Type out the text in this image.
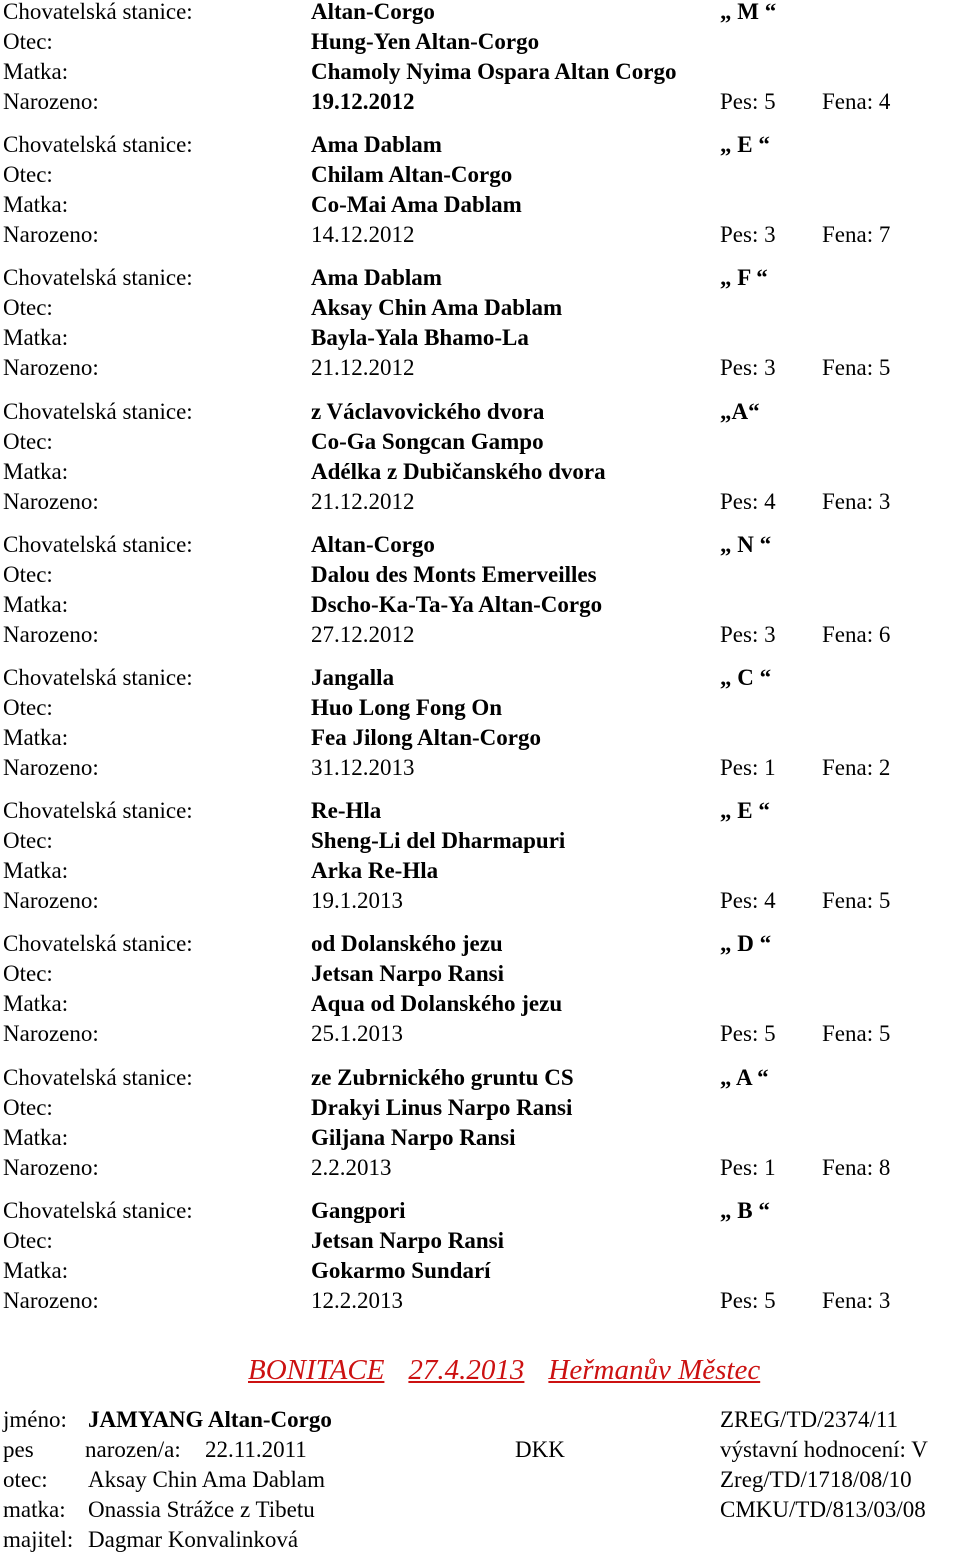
Chovatelská stanice:	Altan-Corgo	„ M “
Otec:	Hung-Yen Altan-Corgo
Matka:	Chamoly Nyima Ospara Altan Corgo
Narozeno:	19.12.2012	Pes: 5 Fena: 4
Chovatelská stanice:	Ama Dablam	„ E “
Otec:	Chilam Altan-Corgo
Matka:	Co-Mai Ama Dablam
Narozeno:	14.12.2012	Pes: 3 Fena: 7
Chovatelská stanice:	Ama Dablam	„ F “
Otec:	Aksay Chin Ama Dablam
Matka:	Bayla-Yala Bhamo-La
Narozeno:	21.12.2012	Pes: 3 Fena: 5
Chovatelská stanice:	z Václavovického dvora	„A“
Otec:	Co-Ga Songcan Gampo
Matka:	Adélka z Dubičanského dvora
Narozeno:	21.12.2012	Pes: 4 Fena: 3
Chovatelská stanice:	Altan-Corgo	„ N “
Otec:	Dalou des Monts Emerveilles
Matka:	Dscho-Ka-Ta-Ya Altan-Corgo
Narozeno:	27.12.2012	Pes: 3 Fena: 6
Chovatelská stanice:	Jangalla	„ C “
Otec:	Huo Long Fong On
Matka:	Fea Jilong Altan-Corgo
Narozeno:	31.12.2013	Pes: 1 Fena: 2
Chovatelská stanice:	Re-Hla	„ E “
Otec:	Sheng-Li del Dharmapuri
Matka:	Arka Re-Hla
Narozeno:	19.1.2013	Pes: 4 Fena: 5
Chovatelská stanice:	od Dolanského jezu	„ D “
Otec:	Jetsan Narpo Ransi
Matka:	Aqua od Dolanského jezu
Narozeno:	25.1.2013	Pes: 5 Fena: 5
Chovatelská stanice:	ze Zubrnického gruntu CS	„ A “
Otec:	Drakyi Linus Narpo Ransi
Matka:	Giljana Narpo Ransi
Narozeno:	2.2.2013	Pes: 1 Fena: 8
Chovatelská stanice:	Gangpori	„ B “
Otec:	Jetsan Narpo Ransi
Matka:	Gokarmo Sundarí
Narozeno:	12.2.2013	Pes: 5 Fena: 3
BONITACE 27.4.2013 Heřmanův Městec
jméno: JAMYANG Altan-Corgo	ZREG/TD/2374/11
pes narozen/a: 22.11.2011	DKK	výstavní hodnocení: V
otec: Aksay Chin Ama Dablam	Zreg/TD/1718/08/10
matka: Onassia Strážce z Tibetu	CMKU/TD/813/03/08
majitel: Dagmar Konvalinková
